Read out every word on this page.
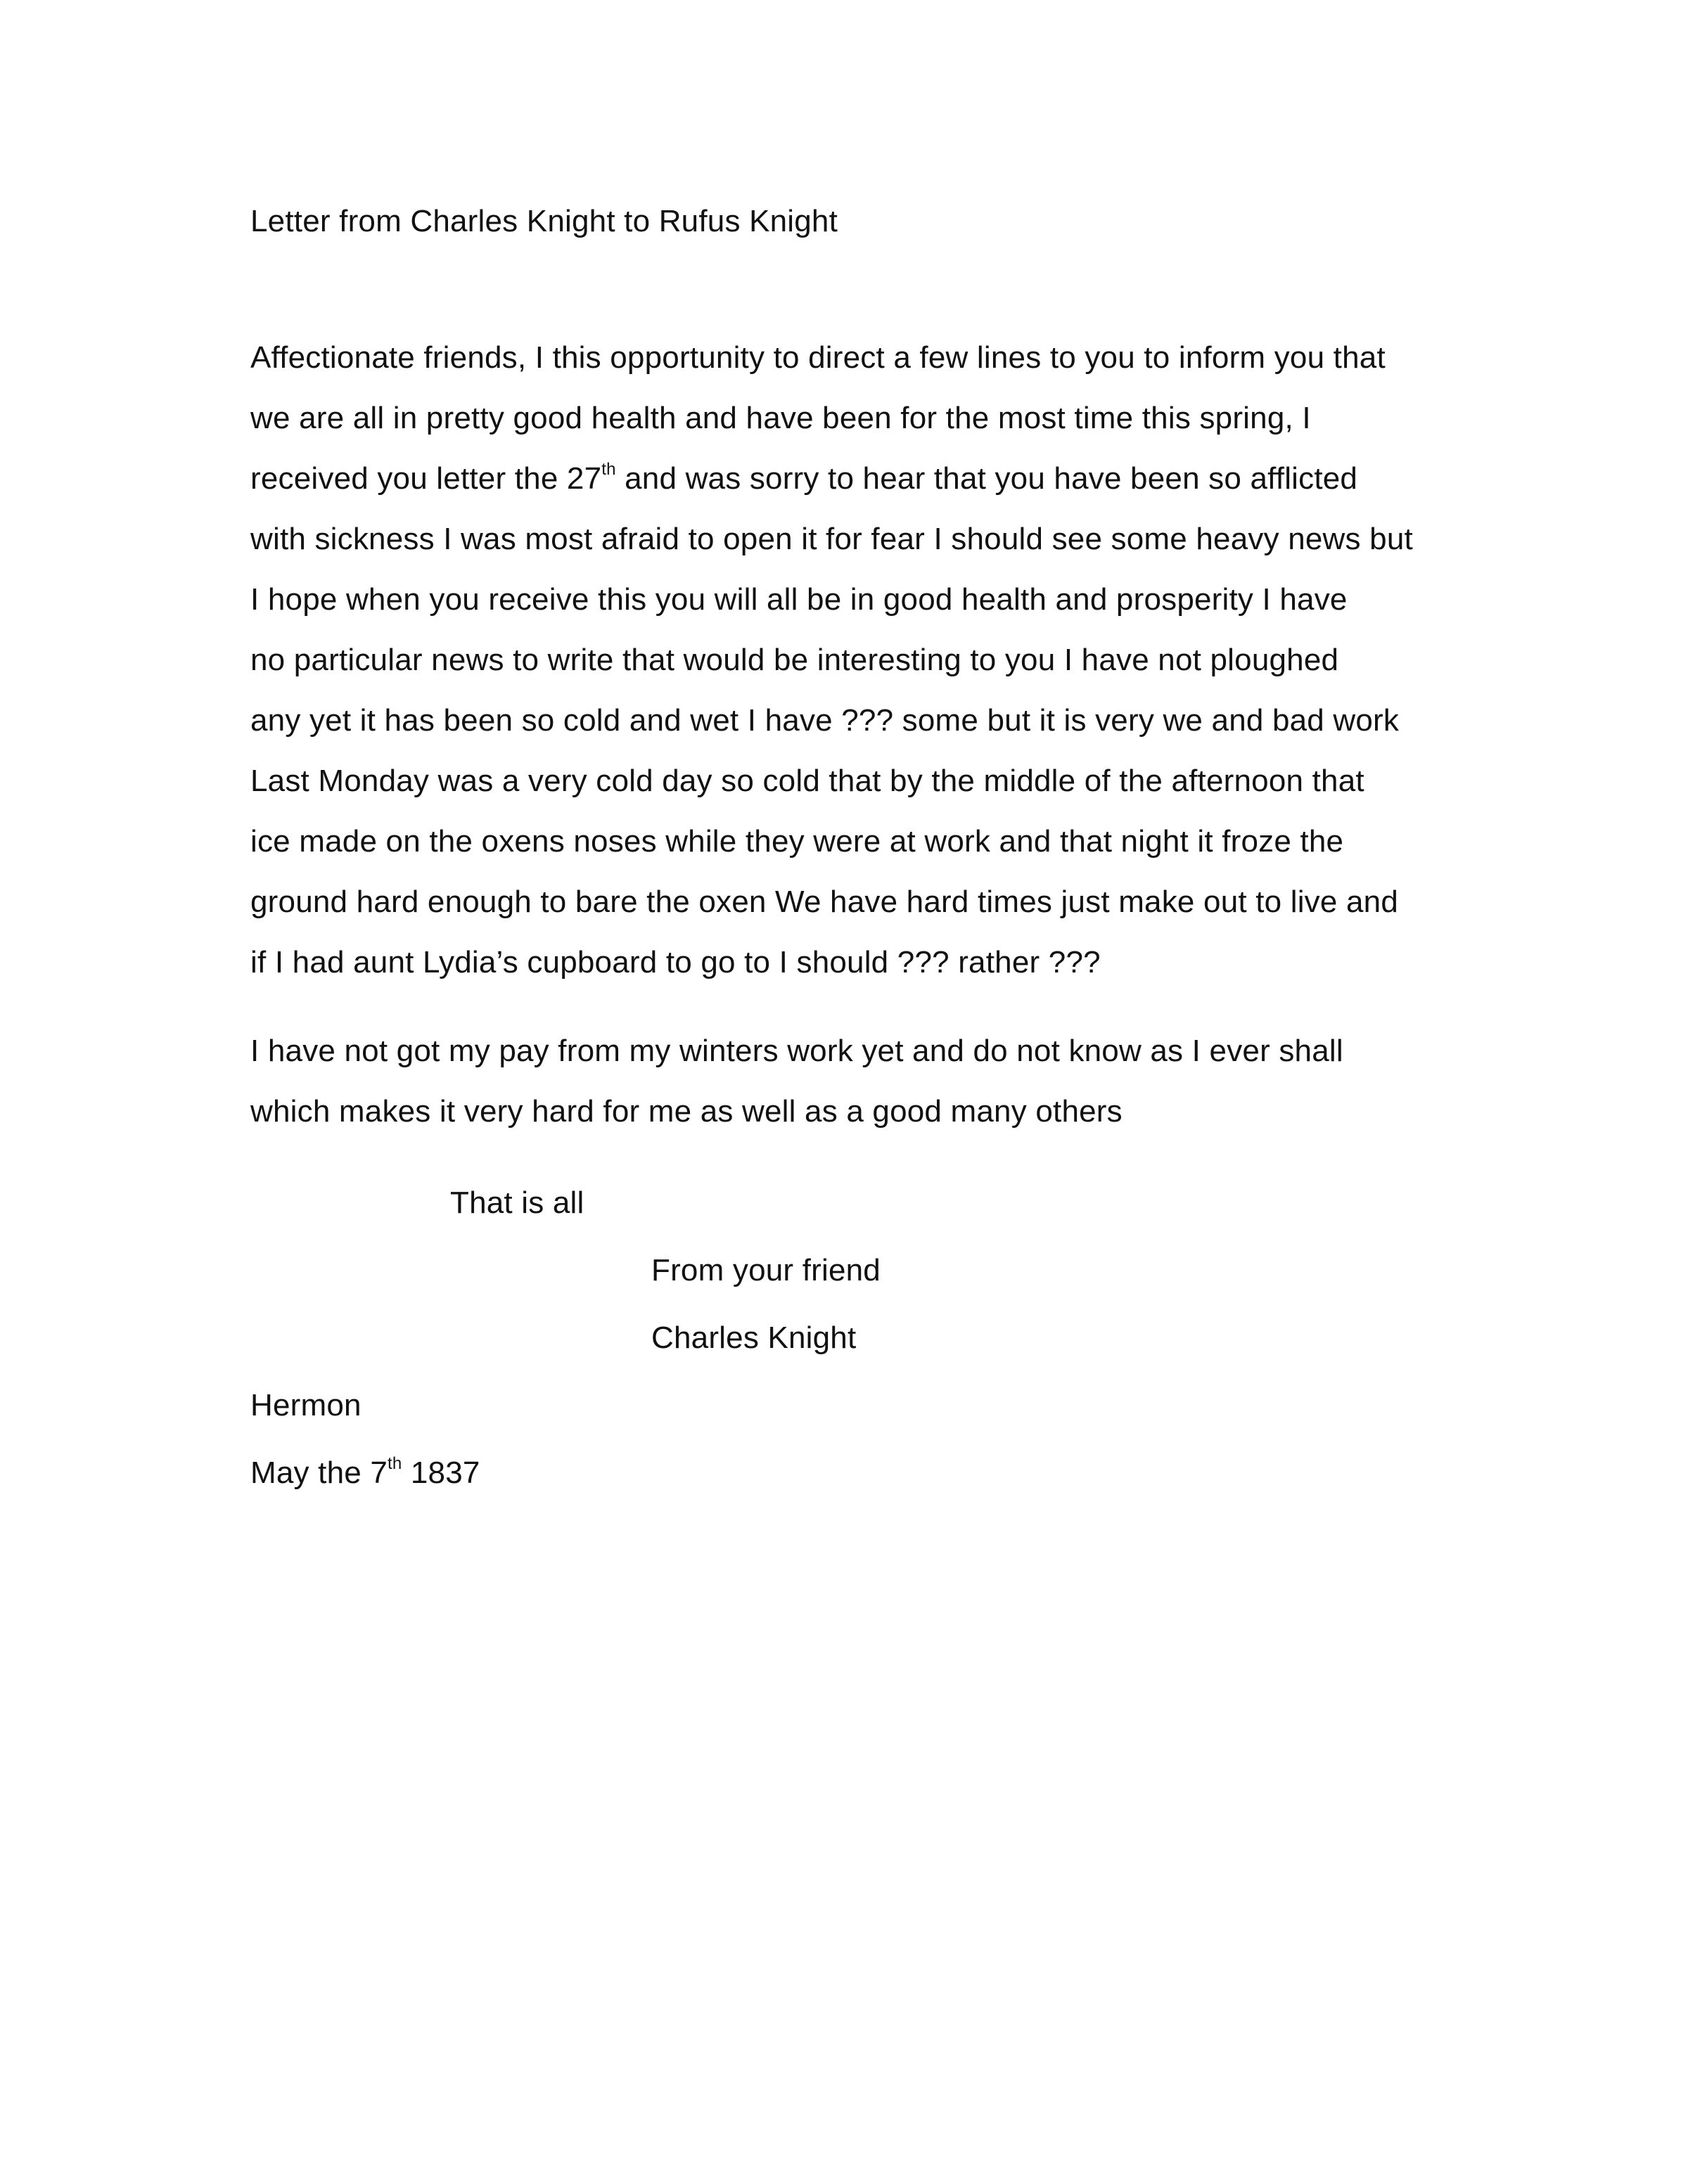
Letter from Charles Knight to Rufus Knight
Affectionate friends, I this opportunity to direct a few lines to you to inform you that
we are all in pretty good health and have been for the most time this spring, I
received you letter the 27th and was sorry to hear that you have been so afflicted
with sickness I was most afraid to open it for fear I should see some heavy news but
I hope when you receive this you will all be in good health and prosperity I have
no particular news to write that would be interesting to you I have not ploughed
any yet it has been so cold and wet I have ??? some but it is very we and bad work
Last Monday was a very cold day so cold that by the middle of the afternoon that
ice made on the oxens noses while they were at work and that night it froze the
ground hard enough to bare the oxen We have hard times just make out to live and
if I had aunt Lydia’s cupboard to go to I should ??? rather ???
I have not got my pay from my winters work yet and do not know as I ever shall
which makes it very hard for me as well as a good many others
That is all
From your friend
Charles Knight
Hermon
May the 7th 1837
